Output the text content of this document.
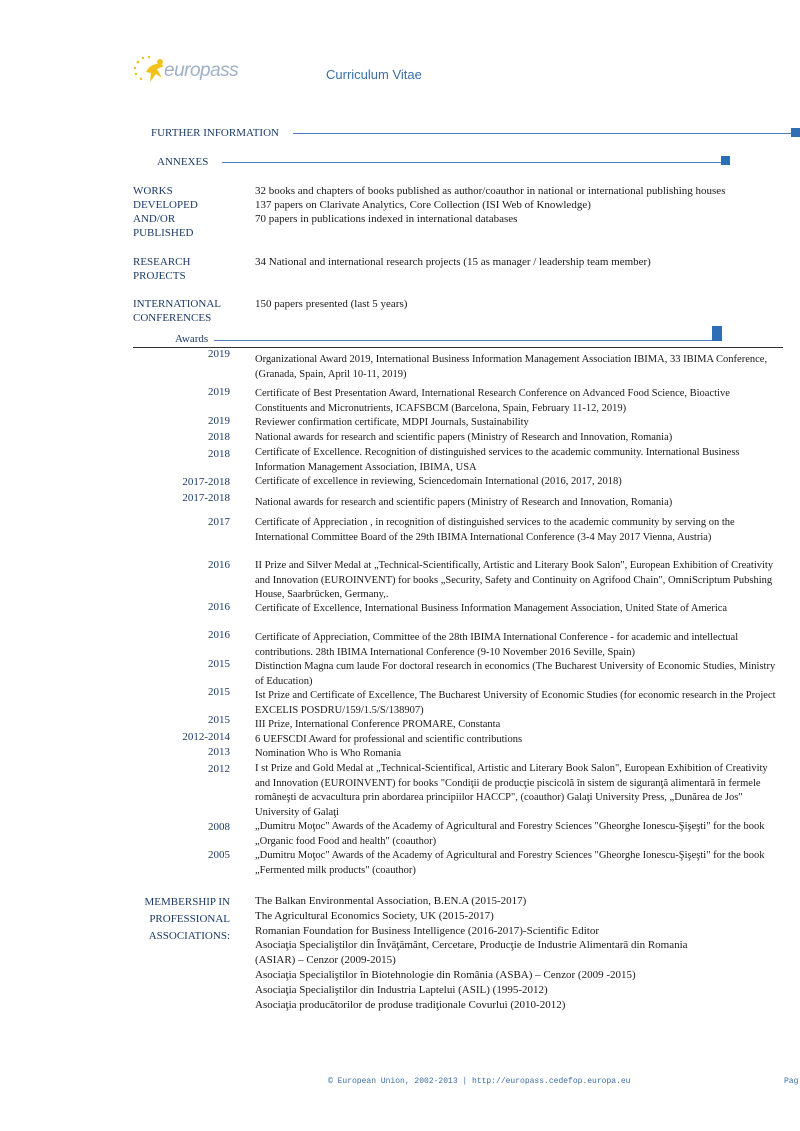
europass	Curriculum Vitae
FURTHER INFORMATION
ANNEXES
WORKS
DEVELOPED
AND/OR
PUBLISHED
32 books and chapters of books published as author/coauthor in national or international publishing houses
137 papers on Clarivate Analytics, Core Collection (ISI Web of Knowledge)
70 papers in publications indexed in international databases
RESEARCH
PROJECTS
34 National and international research projects (15 as manager / leadership team member)
INTERNATIONAL
CONFERENCES
150 papers presented (last 5 years)
Awards
2019 Organizational Award 2019, International Business Information Management Association IBIMA, 33 IBIMA Conference, (Granada, Spain, April 10-11, 2019)
2019 Certificate of Best Presentation Award, International Research Conference on Advanced Food Science, Bioactive Constituents and Micronutrients, ICAFSBCM (Barcelona, Spain, February 11-12, 2019)
2019 Reviewer confirmation certificate, MDPI Journals, Sustainability
2018 National awards for research and scientific papers (Ministry of Research and Innovation, Romania)
2018 Certificate of Excellence. Recognition of distinguished services to the academic community. International Business Information Management Association, IBIMA, USA
2017-2018 Certificate of excellence in reviewing, Sciencedomain International (2016, 2017, 2018)
2017-2018 National awards for research and scientific papers (Ministry of Research and Innovation, Romania)
2017 Certificate of Appreciation , in recognition of distinguished services to the academic community by serving on the International Committee Board of the 29th IBIMA International Conference (3-4 May 2017 Vienna, Austria)
2016 II Prize and Silver Medal at „Technical-Scientifically, Artistic and Literary Book Salon", European Exhibition of Creativity and Innovation (EUROINVENT) for books „Security, Safety and Continuity on Agrifood Chain", OmniScriptum Pubshing House, Saarbrücken, Germany,.
2016 Certificate of Excellence, International Business Information Management Association, United State of America
2016 Certificate of Appreciation, Committee of the 28th IBIMA International Conference - for academic and intellectual contributions. 28th IBIMA International Conference (9-10 November 2016 Seville, Spain)
2015 Distinction Magna cum laude For doctoral research in economics (The Bucharest University of Economic Studies, Ministry of Education)
2015 Ist Prize and Certificate of Excellence, The Bucharest University of Economic Studies (for economic research in the Project EXCELIS POSDRU/159/1.5/S/138907)
2015 III Prize, International Conference PROMARE, Constanta
2012-2014 6 UEFSCDI Award for professional and scientific contributions
2013 Nomination Who is Who Romania
2012 I st Prize and Gold Medal at „Technical-Scientifical, Artistic and Literary Book Salon", European Exhibition of Creativity and Innovation (EUROINVENT) for books "Condiţii de producţie piscicolă în sistem de siguranţă alimentară în fermele româneşti de acvacultura prin abordarea principiilor HACCP", (coauthor) Galaţi University Press, „Dunărea de Jos" University of Galaţi
2008 „Dumitru Moţoc" Awards of the Academy of Agricultural and Forestry Sciences "Gheorghe Ionescu-Şişeşti" for the book „Organic food Food and health" (coauthor)
2005 „Dumitru Moţoc" Awards of the Academy of Agricultural and Forestry Sciences "Gheorghe Ionescu-Şişeşti" for the book „Fermented milk products" (coauthor)
MEMBERSHIP IN
PROFESSIONAL
ASSOCIATIONS:
The Balkan Environmental Association, B.EN.A (2015-2017)
The Agricultural Economics Society, UK (2015-2017)
Romanian Foundation for Business Intelligence (2016-2017)-Scientific Editor
Asociaţia Specialiştilor din Învăţământ, Cercetare, Producţie de Industrie Alimentară din Romania
(ASIAR) – Cenzor (2009-2015)
Asociaţia Specialiştilor în Biotehnologie din România (ASBA) – Cenzor (2009 -2015)
Asociaţia Specialiştilor din Industria Laptelui (ASIL) (1995-2012)
Asociaţia producătorilor de produse tradiţionale Covurlui (2010-2012)
© European Union, 2002-2013 | http://europass.cedefop.europa.eu	Pag
